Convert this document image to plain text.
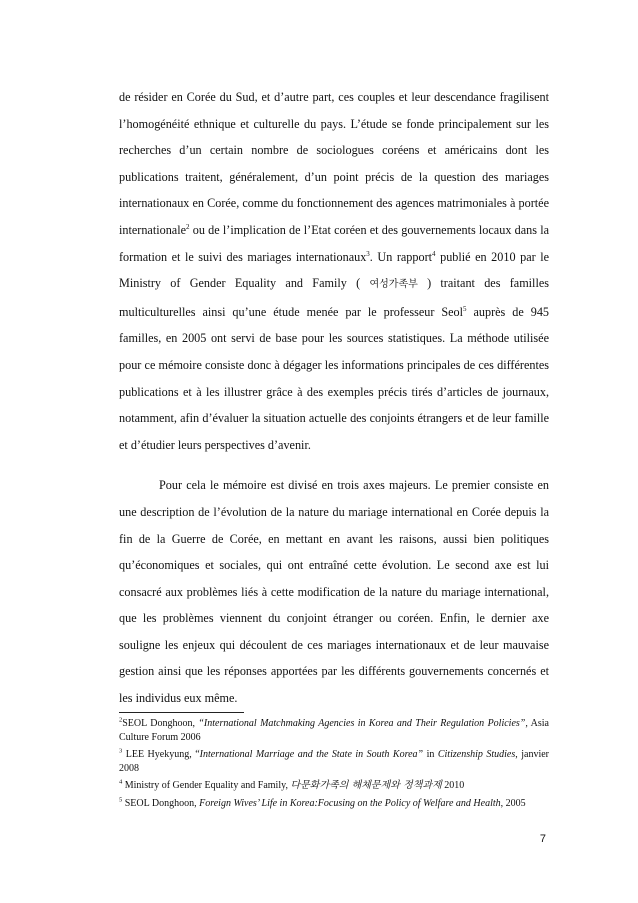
de résider en Corée du Sud, et d’autre part, ces couples et leur descendance fragilisent l’homogénéité ethnique et culturelle du pays. L’étude se fonde principalement sur les recherches d’un certain nombre de sociologues coréens et américains dont les publications traitent, généralement, d’un point précis de la question des mariages internationaux en Corée, comme du fonctionnement des agences matrimoniales à portée internationale$^2$ ou de l’implication de l’Etat coréen et des gouvernements locaux dans la formation et le suivi des mariages internationaux$^3$. Un rapport$^4$ publié en 2010 par le Ministry of Gender Equality and Family ( 여성가족부 ) traitant des familles multiculturelles ainsi qu’une étude menée par le professeur Seol$^5$ auprès de 945 familles, en 2005 ont servi de base pour les sources statistiques. La méthode utilisée pour ce mémoire consiste donc à dégager les informations principales de ces différentes publications et à les illustrer grâce à des exemples précis tirés d’articles de journaux, notamment, afin d’évaluer la situation actuelle des conjoints étrangers et de leur famille et d’étudier leurs perspectives d’avenir.

Pour cela le mémoire est divisé en trois axes majeurs. Le premier consiste en une description de l’évolution de la nature du mariage international en Corée depuis la fin de la Guerre de Corée, en mettant en avant les raisons, aussi bien politiques qu’économiques et sociales, qui ont entraîné cette évolution. Le second axe est lui consacré aux problèmes liés à cette modification de la nature du mariage international, que les problèmes viennent du conjoint étranger ou coréen. Enfin, le dernier axe souligne les enjeux qui découlent de ces mariages internationaux et de leur mauvaise gestion ainsi que les réponses apportées par les différents gouvernements concernés et les individus eux même.

$^2$SEOL Donghoon, “International Matchmaking Agencies in Korea and Their Regulation Policies”, Asia Culture Forum 2006

$^3$ LEE Hyekyung, “International Marriage and the State in South Korea” in Citizenship Studies, janvier 2008

$^4$ Ministry of Gender Equality and Family, 다문화가족의 해체문제와 정책과제 2010

$^5$ SEOL Donghoon, Foreign Wives’ Life in Korea:Focusing on the Policy of Welfare and Health, 2005

7
